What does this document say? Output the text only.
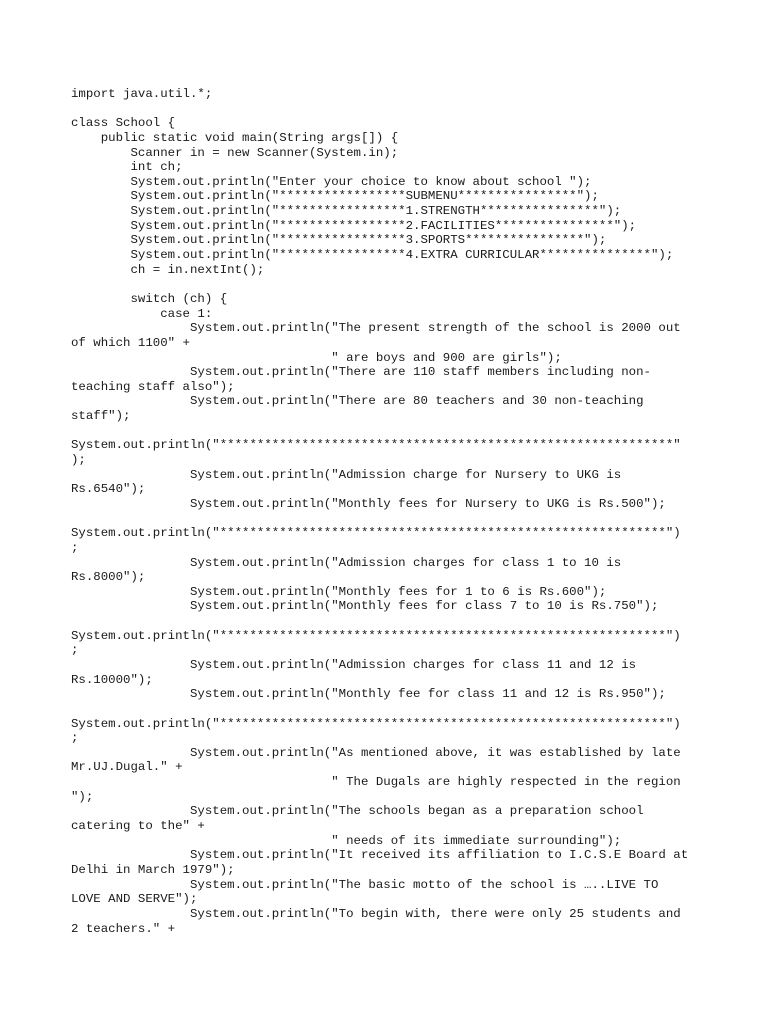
import java.util.*;
class School {
public static void main(String args[]) {
Scanner in = new Scanner(System.in);
int ch;
System.out.println("Enter your choice to know about school ");
System.out.println("*****************SUBMENU****************");
System.out.println("*****************1.STRENGTH****************");
System.out.println("*****************2.FACILITIES****************");
System.out.println("*****************3.SPORTS****************");
System.out.println("*****************4.EXTRA CURRICULAR***************");
ch = in.nextInt();
switch (ch) {
case 1:
System.out.println("The present strength of the school is 2000 out
of which 1100" +
" are boys and 900 are girls");
System.out.println("There are 110 staff members including non-
teaching staff also");
System.out.println("There are 80 teachers and 30 non-teaching
staff");
System.out.println("*************************************************************"
);
System.out.println("Admission charge for Nursery to UKG is
Rs.6540");
System.out.println("Monthly fees for Nursery to UKG is Rs.500");
System.out.println("************************************************************")
;
System.out.println("Admission charges for class 1 to 10 is
Rs.8000");
System.out.println("Monthly fees for 1 to 6 is Rs.600");
System.out.println("Monthly fees for class 7 to 10 is Rs.750");
System.out.println("************************************************************")
;
System.out.println("Admission charges for class 11 and 12 is
Rs.10000");
System.out.println("Monthly fee for class 11 and 12 is Rs.950");
System.out.println("************************************************************")
;
System.out.println("As mentioned above, it was established by late
Mr.UJ.Dugal." +
" The Dugals are highly respected in the region
");
System.out.println("The schools began as a preparation school
catering to the" +
" needs of its immediate surrounding");
System.out.println("It received its affiliation to I.C.S.E Board at
Delhi in March 1979");
System.out.println("The basic motto of the school is …..LIVE TO
LOVE AND SERVE");
System.out.println("To begin with, there were only 25 students and
2 teachers." +
